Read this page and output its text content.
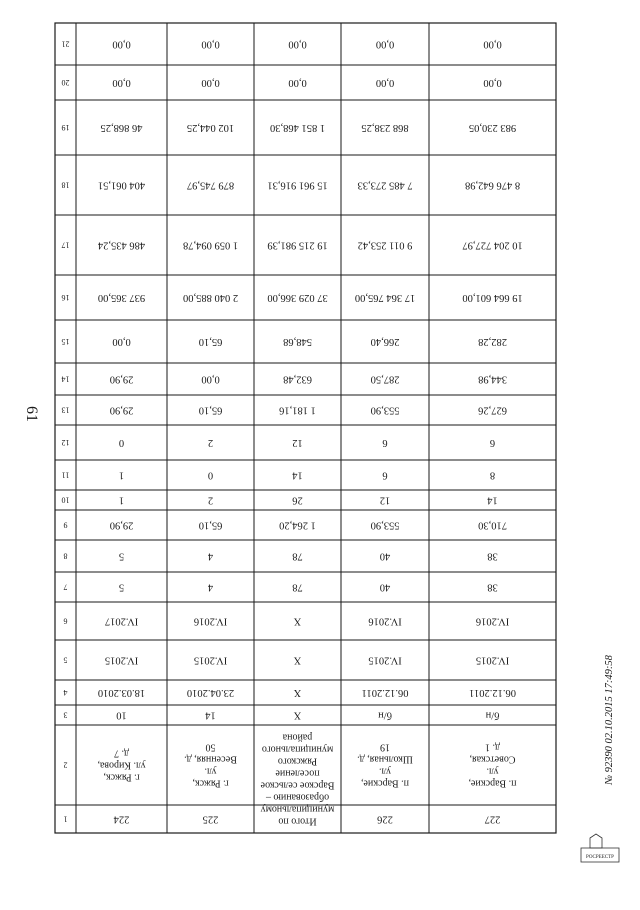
1
2
3
4
5
6
7
8
9
10
11
12
13
14
15
16
17
18
19
20
21
224
г. Ряжск,
ул. Кирова,
д. 7
10
18.03.2010
IV.2015
IV.2017
5
5
29,90
1
1
0
29,90
29,90
0,00
937 365,00
486 435,24
404 061,51
46 868,25
0,00
0,00
225
г. Ряжск,
ул.
Весенняя, д.
50
14
23.04.2010
IV.2015
IV.2016
4
4
65,10
2
0
2
65,10
0,00
65,10
2 040 885,00
1 059 094,78
879 745,97
102 044,25
0,00
0,00
Итого по
муниципальному
образованию –
Варское сельское
поселение
Ряжского
муниципального
района
X
X
X
X
78
78
1 264,20
26
14
12
1 181,16
632,48
548,68
37 029 366,00
19 215 981,39
15 961 916,31
1 851 468,30
0,00
0,00
226
п. Варские,
ул.
Школьная, д.
19
б/н
06.12.2011
IV.2015
IV.2016
40
40
553,90
12
6
6
553,90
287,50
266,40
17 364 765,00
9 011 253,42
7 485 273,33
868 238,25
0,00
0,00
227
п. Варские,
ул.
Советская,
д. 1
б/н
06.12.2011
IV.2015
IV.2016
38
38
710,30
14
8
6
627,26
344,98
282,28
19 664 601,00
10 204 727,97
8 476 642,98
983 230,05
0,00
0,00
61
№ 92390 02.10.2015 17:49:58
РОСРЕЕСТР
